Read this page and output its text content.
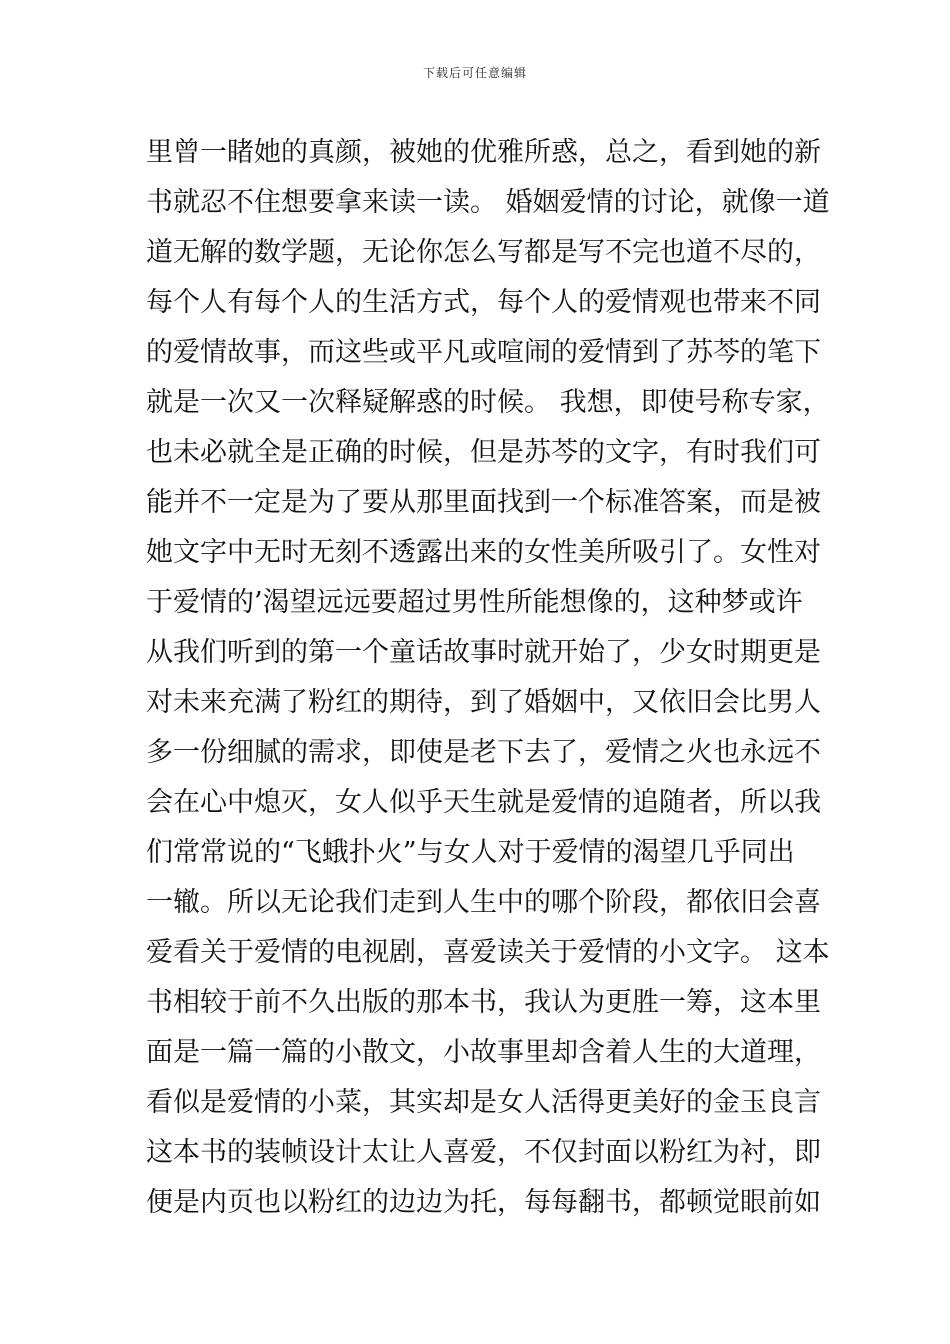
下载后可任意编辑
里曾一睹她的真颜，被她的优雅所惑，总之，看到她的新
书就忍不住想要拿来读一读。 婚姻爱情的讨论，就像一道
道无解的数学题，无论你怎么写都是写不完也道不尽的，
每个人有每个人的生活方式，每个人的爱情观也带来不同
的爱情故事，而这些或平凡或喧闹的爱情到了苏芩的笔下
就是一次又一次释疑解惑的时候。 我想，即使号称专家，
也未必就全是正确的时候，但是苏芩的文字，有时我们可
能并不一定是为了要从那里面找到一个标准答案，而是被
她文字中无时无刻不透露出来的女性美所吸引了。女性对
于爱情的’渴望远远要超过男性所能想像的，这种梦或许
从我们听到的第一个童话故事时就开始了，少女时期更是
对未来充满了粉红的期待，到了婚姻中，又依旧会比男人
多一份细腻的需求，即使是老下去了，爱情之火也永远不
会在心中熄灭，女人似乎天生就是爱情的追随者，所以我
们常常说的“飞蛾扑火”与女人对于爱情的渴望几乎同出
一辙。所以无论我们走到人生中的哪个阶段，都依旧会喜
爱看关于爱情的电视剧，喜爱读关于爱情的小文字。 这本
书相较于前不久出版的那本书，我认为更胜一筹，这本里
面是一篇一篇的小散文，小故事里却含着人生的大道理，
看似是爱情的小菜，其实却是女人活得更美好的金玉良言
这本书的装帧设计太让人喜爱，不仅封面以粉红为衬，即
便是内页也以粉红的边边为托，每每翻书，都顿觉眼前如
